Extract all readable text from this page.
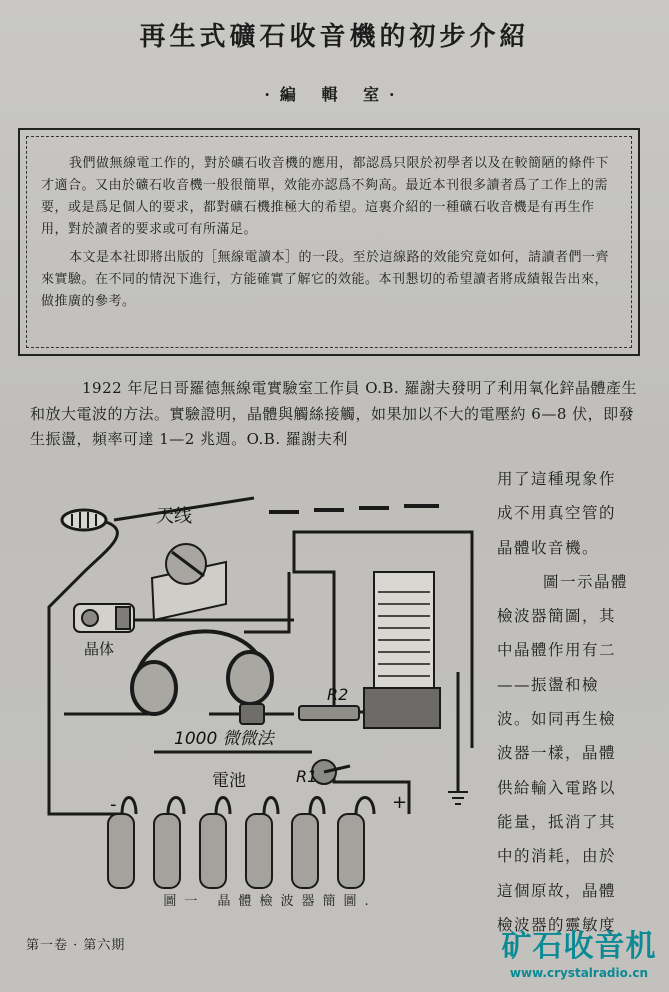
再生式礦石收音機的初步介紹
·編 輯 室·

我們做無線電工作的，對於礦石收音機的應用，都認爲只限於初學者以及在較簡陋的條件下才適合。又由於礦石收音機一般很簡單，效能亦認爲不夠高。最近本刊很多讀者爲了工作上的需要，或是爲足個人的要求，都對礦石機推極大的希望。這裏介紹的一種礦石收音機是有再生作用，對於讀者的要求或可有所滿足。

本文是本社即將出版的［無線電讀本］的一段。至於這線路的效能究竟如何，請讀者們一齊來實驗。在不同的情況下進行，方能確實了解它的效能。本刊懇切的希望讀者將成績報告出來，做推廣的參考。

1922 年尼日哥羅德無線電實驗室工作員 O.B. 羅謝夫發明了利用氧化鋅晶體產生和放大電波的方法。實驗證明，晶體與觸絲接觸，如果加以不大的電壓約 6—8 伏，即發生振盪，頻率可達 1—2 兆週。O.B. 羅謝夫利

用了這種現象作

成不用真空管的

晶體收音機。

圖一示晶體

檢波器簡圖，其

中晶體作用有二

——振盪和檢

波。如同再生檢

波器一樣，晶體

供給輸入電路以

能量，抵消了其

中的消耗，由於

這個原故，晶體

檢波器的靈敏度

天线
晶体
R2
1000 微微法
電池	R1
-	+
圖一 晶體檢波器簡圖.
第一卷 · 第六期	矿石收音机
www.crystalradio.cn
